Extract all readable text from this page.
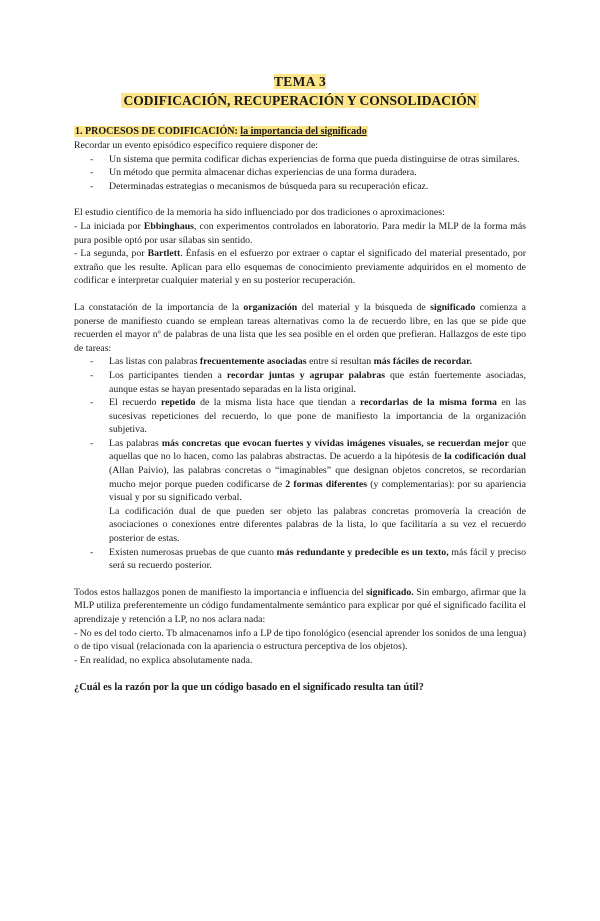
TEMA 3
CODIFICACIÓN, RECUPERACIÓN Y CONSOLIDACIÓN
1. PROCESOS DE CODIFICACIÓN: la importancia del significado

Recordar un evento episódico específico requiere disponer de:

- Un sistema que permita codificar dichas experiencias de forma que pueda distinguirse de otras similares.
- Un método que permita almacenar dichas experiencias de una forma duradera.
- Determinadas estrategias o mecanismos de búsqueda para su recuperación eficaz.

El estudio científico de la memoria ha sido influenciado por dos tradiciones o aproximaciones:

- La iniciada por Ebbinghaus, con experimentos controlados en laboratorio. Para medir la MLP de la forma más pura posible optó por usar sílabas sin sentido.

- La segunda, por Bartlett. Énfasis en el esfuerzo por extraer o captar el significado del material presentado, por extraño que les resulte. Aplican para ello esquemas de conocimiento previamente adquiridos en el momento de codificar e interpretar cualquier material y en su posterior recuperación.

La constatación de la importancia de la organización del material y la búsqueda de significado comienza a ponerse de manifiesto cuando se emplean tareas alternativas como la de recuerdo libre, en las que se pide que recuerden el mayor nº de palabras de una lista que les sea posible en el orden que prefieran. Hallazgos de este tipo de tareas:

- Las listas con palabras frecuentemente asociadas entre sí resultan más fáciles de recordar.
- Los participantes tienden a recordar juntas y agrupar palabras que están fuertemente asociadas, aunque estas se hayan presentado separadas en la lista original.
- El recuerdo repetido de la misma lista hace que tiendan a recordarlas de la misma forma en las sucesivas repeticiones del recuerdo, lo que pone de manifiesto la importancia de la organización subjetiva.
- Las palabras más concretas que evocan fuertes y vívidas imágenes visuales, se recuerdan mejor que aquellas que no lo hacen, como las palabras abstractas. De acuerdo a la hipótesis de la codificación dual (Allan Paivio), las palabras concretas o “imaginables” que designan objetos concretos, se recordarían mucho mejor porque pueden codificarse de 2 formas diferentes (y complementarias): por su apariencia visual y por su significado verbal.
La codificación dual de que pueden ser objeto las palabras concretas promovería la creación de asociaciones o conexiones entre diferentes palabras de la lista, lo que facilitaría a su vez el recuerdo posterior de estas.
- Existen numerosas pruebas de que cuanto más redundante y predecible es un texto, más fácil y preciso será su recuerdo posterior.

Todos estos hallazgos ponen de manifiesto la importancia e influencia del significado. Sin embargo, afirmar que la MLP utiliza preferentemente un código fundamentalmente semántico para explicar por qué el significado facilita el aprendizaje y retención a LP, no nos aclara nada:

- No es del todo cierto. Tb almacenamos info a LP de tipo fonológico (esencial aprender los sonidos de una lengua) o de tipo visual (relacionada con la apariencia o estructura perceptiva de los objetos).

- En realidad, no explica absolutamente nada.

¿Cuál es la razón por la que un código basado en el significado resulta tan útil?
